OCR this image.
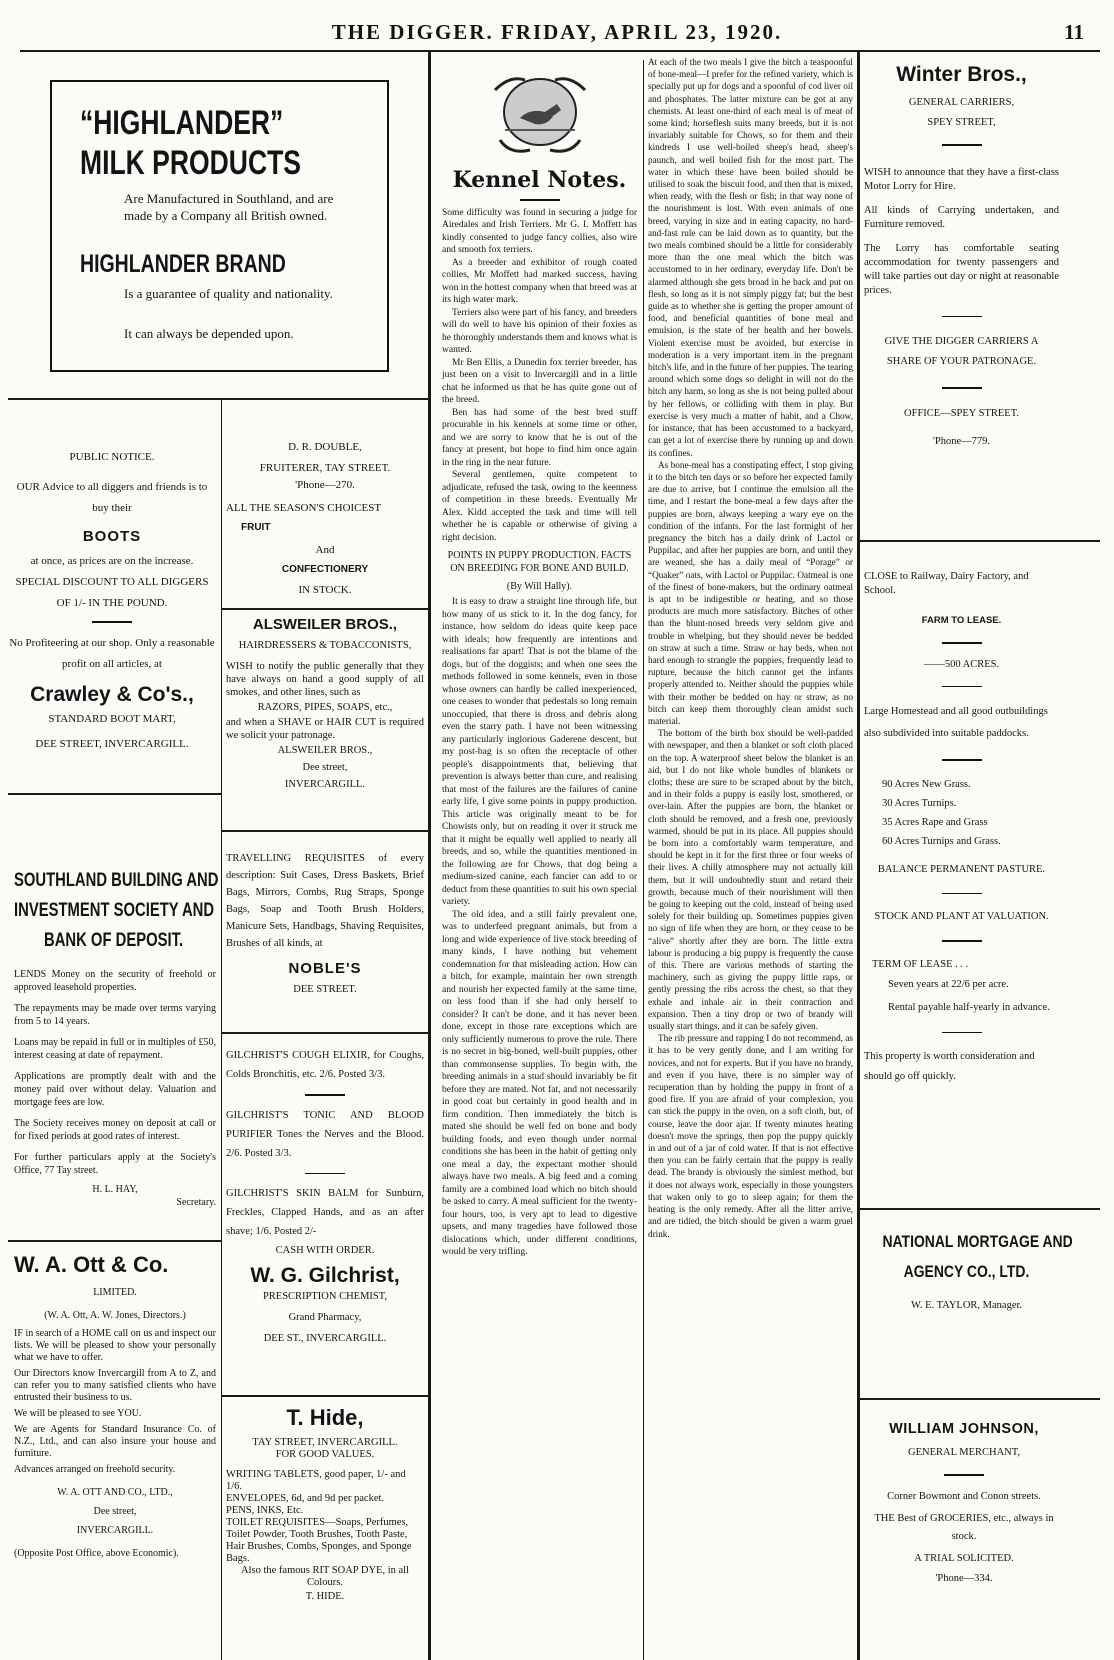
THE DIGGER. FRIDAY, APRIL 23, 1920.	11
“HIGHLANDER”
MILK PRODUCTS
Are Manufactured in Southland, and are made by a Company all British owned.
HIGHLANDER BRAND
Is a guarantee of quality and nationality.
It can always be depended upon.
PUBLIC NOTICE.
OUR Advice to all diggers and friends is to buy their
BOOTS
at once, as prices are on the increase.
SPECIAL DISCOUNT TO ALL DIGGERS
OF 1/- IN THE POUND.
No Profiteering at our shop. Only a reasonable profit on all articles, at
Crawley & Co's.,
STANDARD BOOT MART,
DEE STREET, INVERCARGILL.
SOUTHLAND BUILDING AND
INVESTMENT SOCIETY AND
BANK OF DEPOSIT.
LENDS Money on the security of freehold or approved leasehold properties.
The repayments may be made over terms varying from 5 to 14 years.
Loans may be repaid in full or in multiples of £50, interest ceasing at date of repayment.
Applications are promptly dealt with and the money paid over without delay. Valuation and mortgage fees are low.
The Society receives money on deposit at call or for fixed periods at good rates of interest.
For further particulars apply at the Society's Office, 77 Tay street.
H. L. HAY,
Secretary.
W. A. Ott & Co.
LIMITED.
(W. A. Ott, A. W. Jones, Directors.)
IF in search of a HOME call on us and inspect our lists. We will be pleased to show your personally what we have to offer.
Our Directors know Invercargill from A to Z, and can refer you to many satisfied clients who have entrusted their business to us.
We will be pleased to see YOU.
We are Agents for Standard Insurance Co. of N.Z., Ltd., and can also insure your house and furniture.
Advances arranged on freehold security.
W. A. OTT AND CO., LTD.,
Dee street,
INVERCARGILL.
(Opposite Post Office, above Economic).
D. R. DOUBLE,
FRUITERER, TAY STREET.
'Phone—270.
ALL THE SEASON'S CHOICEST
FRUIT
And
CONFECTIONERY
IN STOCK.
ALSWEILER BROS.,
HAIRDRESSERS & TOBACCONISTS,
WISH to notify the public generally that they have always on hand a good supply of all smokes, and other lines, such as
RAZORS, PIPES, SOAPS, etc.,
and when a SHAVE or HAIR CUT is required we solicit your patronage.
ALSWEILER BROS.,
Dee street,
INVERCARGILL.
TRAVELLING REQUISITES of every description: Suit Cases, Dress Baskets, Brief Bags, Mirrors, Combs, Rug Straps, Sponge Bags, Soap and Tooth Brush Holders, Manicure Sets, Handbags, Shaving Requisites, Brushes of all kinds, at
NOBLE'S
DEE STREET.
GILCHRIST'S COUGH ELIXIR, for Coughs, Colds Bronchitis, etc. 2/6. Posted 3/3.
GILCHRIST'S TONIC AND BLOOD PURIFIER Tones the Nerves and the Blood. 2/6. Posted 3/3.
GILCHRIST'S SKIN BALM for Sunburn, Freckles, Clapped Hands, and as an after shave; 1/6. Posted 2/-
CASH WITH ORDER.
W. G. Gilchrist,
PRESCRIPTION CHEMIST,
Grand Pharmacy,
DEE ST., INVERCARGILL.
T. Hide,
TAY STREET, INVERCARGILL.
FOR GOOD VALUES.
WRITING TABLETS, good paper, 1/- and 1/6.
ENVELOPES, 6d, and 9d per packet.
PENS, INKS, Etc.
TOILET REQUISITES—Soaps, Perfumes, Toilet Powder, Tooth Brushes, Tooth Paste, Hair Brushes, Combs, Sponges, and Sponge Bags.
Also the famous RIT SOAP DYE, in all Colours.
T. HIDE.
Kennel Notes.
Some difficulty was found in securing a judge for Airedales and Irish Terriers. Mr G. I. Moffett has kindly consented to judge fancy collies, also wire and smooth fox terriers.
As a breeder and exhibitor of rough coated collies, Mr Moffett had marked success, having won in the hottest company when that breed was at its high water mark.
Terriers also were part of his fancy, and breeders will do well to have his opinion of their foxies as he thoroughly understands them and knows what is wanted.
Mr Ben Ellis, a Dunedin fox terrier breeder, has just been on a visit to Invercargill and in a little chat he informed us that he has quite gone out of the breed.
Ben has had some of the best bred stuff procurable in his kennels at some time or other, and we are sorry to know that he is out of the fancy at present, but hope to find him once again in the ring in the near future.
Several gentlemen, quite competent to adjudicate, refused the task, owing to the keenness of competition in these breeds. Eventually Mr Alex. Kidd accepted the task and time will tell whether he is capable or otherwise of giving a right decision.
POINTS IN PUPPY PRODUCTION. FACTS ON BREEDING FOR BONE AND BUILD.
(By Will Hally).
It is easy to draw a straight line through life, but how many of us stick to it. In the dog fancy, for instance, how seldom do ideas quite keep pace with ideals; how frequently are intentions and realisations far apart! That is not the blame of the dogs, but of the doggists; and when one sees the methods followed in some kennels, even in those whose owners can hardly be called inexperienced, one ceases to wonder that pedestals so long remain unoccupied, that there is dross and debris along even the starry path. I have not been witnessing any particularly inglorious Gaderene descent, but my post-bag is so often the receptacle of other people's disappointments that, believing that prevention is always better than cure, and realising that most of the failures are the failures of canine early life, I give some points in puppy production. This article was originally meant to be for Chowists only, but on reading it over it struck me that it might be equally well applied to nearly all breeds, and so, while the quantities mentioned in the following are for Chows, that dog being a medium-sized canine, each fancier can add to or deduct from these quantities to suit his own special variety.
The old idea, and a still fairly prevalent one, was to underfeed pregnant animals, but from a long and wide experience of live stock breeding of many kinds, I have nothing but vehement condemnation for that misleading action. How can a bitch, for example, maintain her own strength and nourish her expected family at the same time, on less food than if she had only herself to consider? It can't be done, and it has never been done, except in those rare exceptions which are only sufficiently numerous to prove the rule. There is no secret in big-boned, well-built puppies, other than commonsense supplies. To begin with, the breeding animals in a stud should invariably be fit before they are mated. Not fat, and not necessarily in good coat but certainly in good health and in firm condition. Then immediately the bitch is mated she should be well fed on bone and body building foods, and even though under normal conditions she has been in the habit of getting only one meal a day, the expectant mother should always have two meals. A big feed and a coming family are a combined load which no bitch should be asked to carry. A meal sufficient for the twenty-four hours, too, is very apt to lead to digestive upsets, and many tragedies have followed those dislocations which, under different conditions, would be very trifling.
At each of the two meals I give the bitch a teaspoonful of bone-meal—I prefer for the refined variety, which is specially put up for dogs and a spoonful of cod liver oil and phosphates. The latter mixture can be got at any chemists. At least one-third of each meal is of meat of some kind; horseflesh suits many breeds, but it is not invariably suitable for Chows, so for them and their kindreds I use well-boiled sheep's head, sheep's paunch, and well boiled fish for the most part. The water in which these have been boiled should be utilised to soak the biscuit food, and then that is mixed, when ready, with the flesh or fish; in that way none of the nourishment is lost. With even animals of one breed, varying in size and in eating capacity, no hard-and-fast rule can be laid down as to quantity, but the two meals combined should be a little for considerably more than the one meal which the bitch was accustomed to in her ordinary, everyday life. Don't be alarmed although she gets broad in he back and put on flesh, so long as it is not simply piggy fat; but the best guide as to whether she is getting the proper amount of food, and beneficial quantities of bone meal and emulsion, is the state of her health and her bowels. Violent exercise must be avoided, but exercise in moderation is a very important item in the pregnant bitch's life, and in the future of her puppies. The tearing around which some dogs so delight in will not do the bitch any harm, so long as she is not being pulled about by her fellows, or colliding with them in play. But exercise is very much a matter of habit, and a Chow, for instance, that has been accustomed to a backyard, can get a lot of exercise there by running up and down its confines.
As bone-meal has a constipating effect, I stop giving it to the bitch ten days or so before her expected family are due to arrive, but I continue the emulsion all the time, and I restart the bone-meal a few days after the puppies are born, always keeping a wary eye on the condition of the infants. For the last fortnight of her pregnancy the bitch has a daily drink of Lactol or Puppilac, and after her puppies are born, and until they are weaned, she has a daily meal of “Porage” or “Quaker” oats, with Lactol or Puppilac. Oatmeal is one of the finest of bone-makers, but the ordinary oatmeal is apt to be indigestible or heating, and so those products are much more satisfactory. Bitches of other than the blunt-nosed breeds very seldom give and trouble in whelping, but they should never be bedded on straw at such a time. Straw or hay beds, when not hard enough to strangle the puppies, frequently lead to rupture, because the bitch cannot get the infants properly attended to. Neither should the puppies while with their mother be bedded on hay or straw, as no bitch can keep them thoroughly clean amidst such material.
The bottom of the birth box should be well-padded with newspaper, and then a blanket or soft cloth placed on the top. A waterproof sheet below the blanket is an aid, but I do not like whole bundles of blankets or cloths; these are sure to be scraped about by the bitch, and in their folds a puppy is easily lost, smothered, or over-lain. After the puppies are born, the blanket or cloth should be removed, and a fresh one, previously warmed, should be put in its place. All puppies should be born into a comfortably warm temperature, and should be kept in it for the first three or four weeks of their lives. A chilly atmosphere may not actually kill them, but it will undoubtedly stunt and retard their growth, because much of their nourishment will then be going to keeping out the cold, instead of being used solely for their building up. Sometimes puppies given no sign of life when they are born, or they cease to be “alive” shortly after they are born. The little extra labour is producing a big puppy is frequently the cause of this. There are various methods of starting the machinery, such as giving the puppy little raps, or gently pressing the ribs across the chest, so that they exhale and inhale air in their contraction and expansion. Then a tiny drop or two of brandy will usually start things, and it can be safely given.
The rib pressure and rapping I do not recommend, as it has to be very gently done, and I am writing for novices, and not for experts. But if you have no brandy, and even if you have, there is no simpler way of recuperation than by holding the puppy in front of a good fire. If you are afraid of your complexion, you can stick the puppy in the oven, on a soft cloth, but, of course, leave the door ajar. If twenty minutes heating doesn't move the springs, then pop the puppy quickly in and out of a jar of cold water. If that is not effective then you can be fairly certain that the puppy is really dead. The brandy is obviously the simlest method, but it does not always work, especially in those youngsters that waken only to go to sleep again; for them the heating is the only remedy. After all the litter arrive, and are tidied, the bitch should be given a warm gruel drink.
Winter Bros.,
GENERAL CARRIERS,
SPEY STREET,
WISH to announce that they have a first-class Motor Lorry for Hire.
All kinds of Carrying undertaken, and Furniture removed.
The Lorry has comfortable seating accommodation for twenty passengers and will take parties out day or night at reasonable prices.
GIVE THE DIGGER CARRIERS A
SHARE OF YOUR PATRONAGE.
OFFICE—SPEY STREET.
'Phone—779.
CLOSE to Railway, Dairy Factory, and School.
FARM TO LEASE.
——500 ACRES.
Large Homestead and all good outbuildings also subdivided into suitable paddocks.
90 Acres New Grass.
30 Acres Turnips.
35 Acres Rape and Grass
60 Acres Turnips and Grass.
BALANCE PERMANENT PASTURE.
STOCK AND PLANT AT VALUATION.
TERM OF LEASE . . .
Seven years at 22/6 per acre.
Rental payable half-yearly in advance.
This property is worth consideration and should go off quickly.
NATIONAL MORTGAGE AND
AGENCY CO., LTD.
W. E. TAYLOR, Manager.
WILLIAM JOHNSON,
GENERAL MERCHANT,
Corner Bowmont and Conon streets.
THE Best of GROCERIES, etc., always in stock.
A TRIAL SOLICITED.
'Phone—334.
